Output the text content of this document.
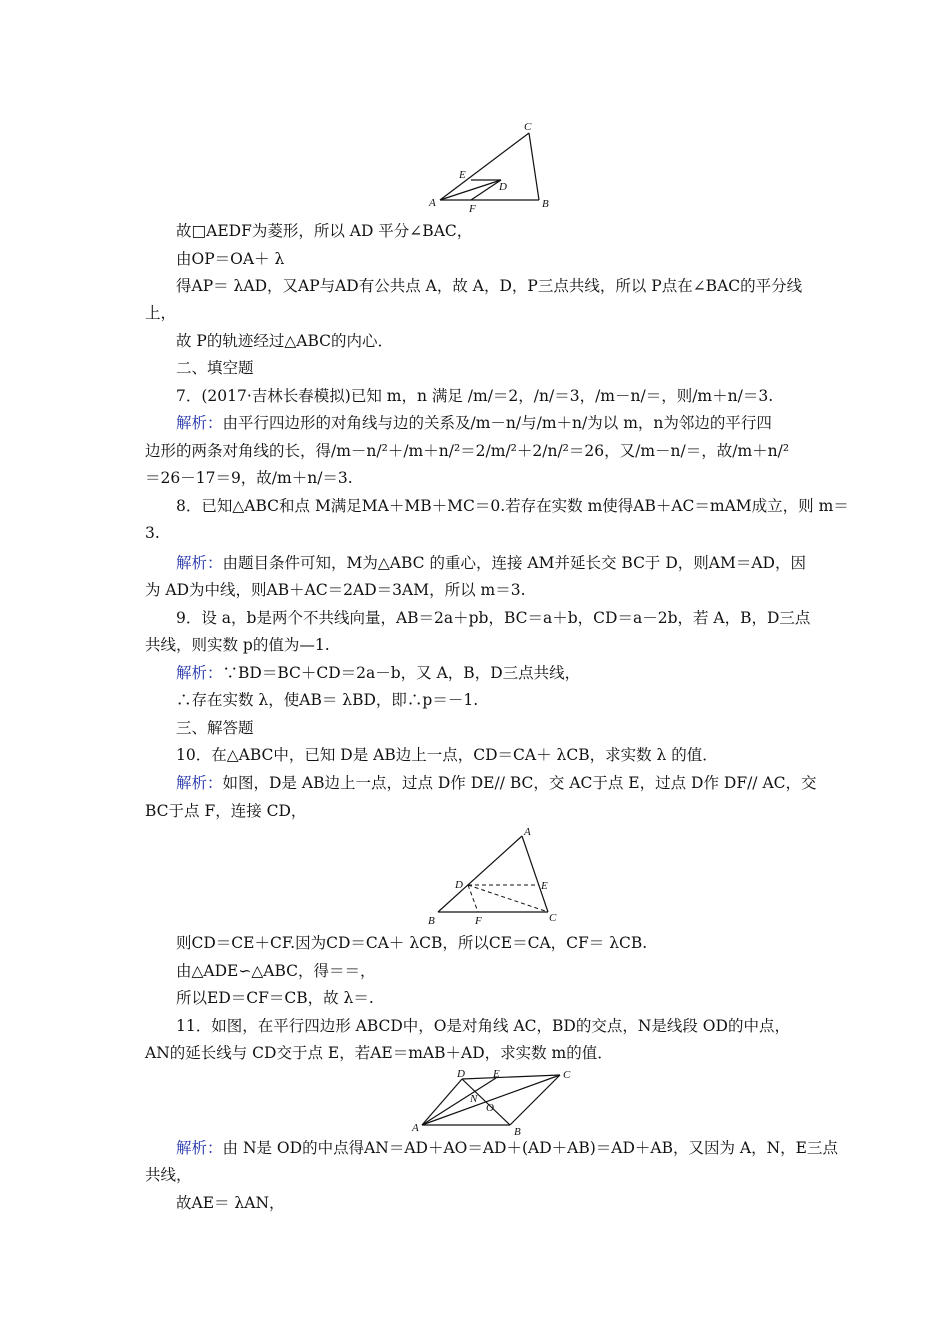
C
A	B
E
D
F
故□AEDF为菱形，所以 AD 平分∠BAC，
由OP＝OA＋ λ
得AP＝ λAD，又AP与AD有公共点 A，故 A，D，P三点共线，所以 P点在∠BAC的平分线
上，
故 P的轨迹经过△ABC的内心．
二、填空题
7．(2017·吉林长春模拟)已知 m，n 满足 /m/＝2，/n/＝3，/m－n/＝，则/m＋n/＝3.
解析：由平行四边形的对角线与边的关系及/m－n/与/m＋n/为以 m，n为邻边的平行四
边形的两条对角线的长，得/m－n/²＋/m＋n/²＝2/m/²＋2/n/²＝26，又/m－n/＝，故/m＋n/²
＝26－17＝9，故/m＋n/＝3.
8．已知△ABC和点 M满足MA＋MB＋MC＝0.若存在实数 m使得AB＋AC＝mAM成立，则 m＝
3.
解析：由题目条件可知，M为△ABC 的重心，连接 AM并延长交 BC于 D，则AM＝AD，因
为 AD为中线，则AB＋AC＝2AD＝3AM，所以 m＝3.
9．设 a，b是两个不共线向量，AB＝2a＋pb，BC＝a＋b，CD＝a－2b，若 A，B，D三点
共线，则实数 p的值为—1.
解析：∵BD＝BC＋CD＝2a－b，又 A，B，D三点共线，
∴存在实数 λ，使AB＝ λBD，即∴p＝－1.
三、解答题
10．在△ABC中，已知 D是 AB边上一点，CD＝CA＋ λCB，求实数 λ 的值．
解析：如图，D是 AB边上一点，过点 D作 DE// BC，交 AC于点 E，过点 D作 DF// AC，交
BC于点 F，连接 CD，
A
D	E
B	F	C
则CD＝CE＋CF.因为CD＝CA＋ λCB，所以CE＝CA，CF＝ λCB.
由△ADE∽△ABC，得＝＝，
所以ED＝CF＝CB，故 λ＝.
11．如图，在平行四边形 ABCD中，O是对角线 AC，BD的交点，N是线段 OD的中点，
AN的延长线与 CD交于点 E，若AE＝mAB＋AD，求实数 m的值．
D	E	C
N
O
A	B
解析：由 N是 OD的中点得AN＝AD＋AO＝AD＋(AD＋AB)＝AD＋AB，又因为 A，N，E三点
共线，
故AE＝ λAN，
